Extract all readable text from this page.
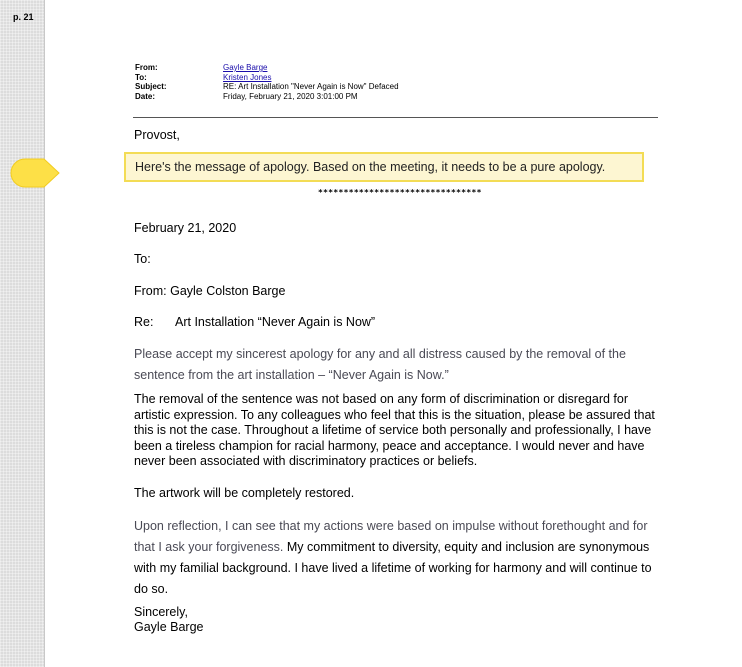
p. 21
From:	Gayle Barge
To:	Kristen Jones
Subject:	RE: Art Installation "Never Again is Now" Defaced
Date:	Friday, February 21, 2020 3:01:00 PM
Provost,
Here's the message of apology. Based on the meeting, it needs to be a pure apology.
********************************
February 21, 2020
To:
From: Gayle Colston Barge
Re: Art Installation “Never Again is Now”
Please accept my sincerest apology for any and all distress caused by the removal of the sentence from the art installation – “Never Again is Now.”
The removal of the sentence was not based on any form of discrimination or disregard for artistic expression. To any colleagues who feel that this is the situation, please be assured that this is not the case. Throughout a lifetime of service both personally and professionally, I have been a tireless champion for racial harmony, peace and acceptance. I would never and have never been associated with discriminatory practices or beliefs.
The artwork will be completely restored.
Upon reflection, I can see that my actions were based on impulse without forethought and for that I ask your forgiveness. My commitment to diversity, equity and inclusion are synonymous with my familial background. I have lived a lifetime of working for harmony and will continue to do so.
Sincerely,
Gayle Barge
